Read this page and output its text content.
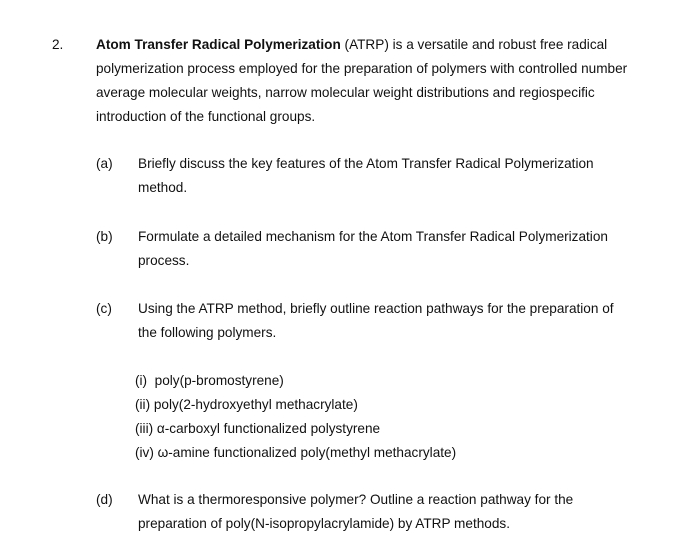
2. Atom Transfer Radical Polymerization (ATRP) is a versatile and robust free radical
polymerization process employed for the preparation of polymers with controlled number
average molecular weights, narrow molecular weight distributions and regiospecific
introduction of the functional groups.
(a) Briefly discuss the key features of the Atom Transfer Radical Polymerization
method.
(b) Formulate a detailed mechanism for the Atom Transfer Radical Polymerization
process.
(c) Using the ATRP method, briefly outline reaction pathways for the preparation of
the following polymers.
(i)  poly(p-bromostyrene)
(ii) poly(2-hydroxyethyl methacrylate)
(iii) α-carboxyl functionalized polystyrene
(iv) ω-amine functionalized poly(methyl methacrylate)
(d) What is a thermoresponsive polymer? Outline a reaction pathway for the
preparation of poly(N-isopropylacrylamide) by ATRP methods.
